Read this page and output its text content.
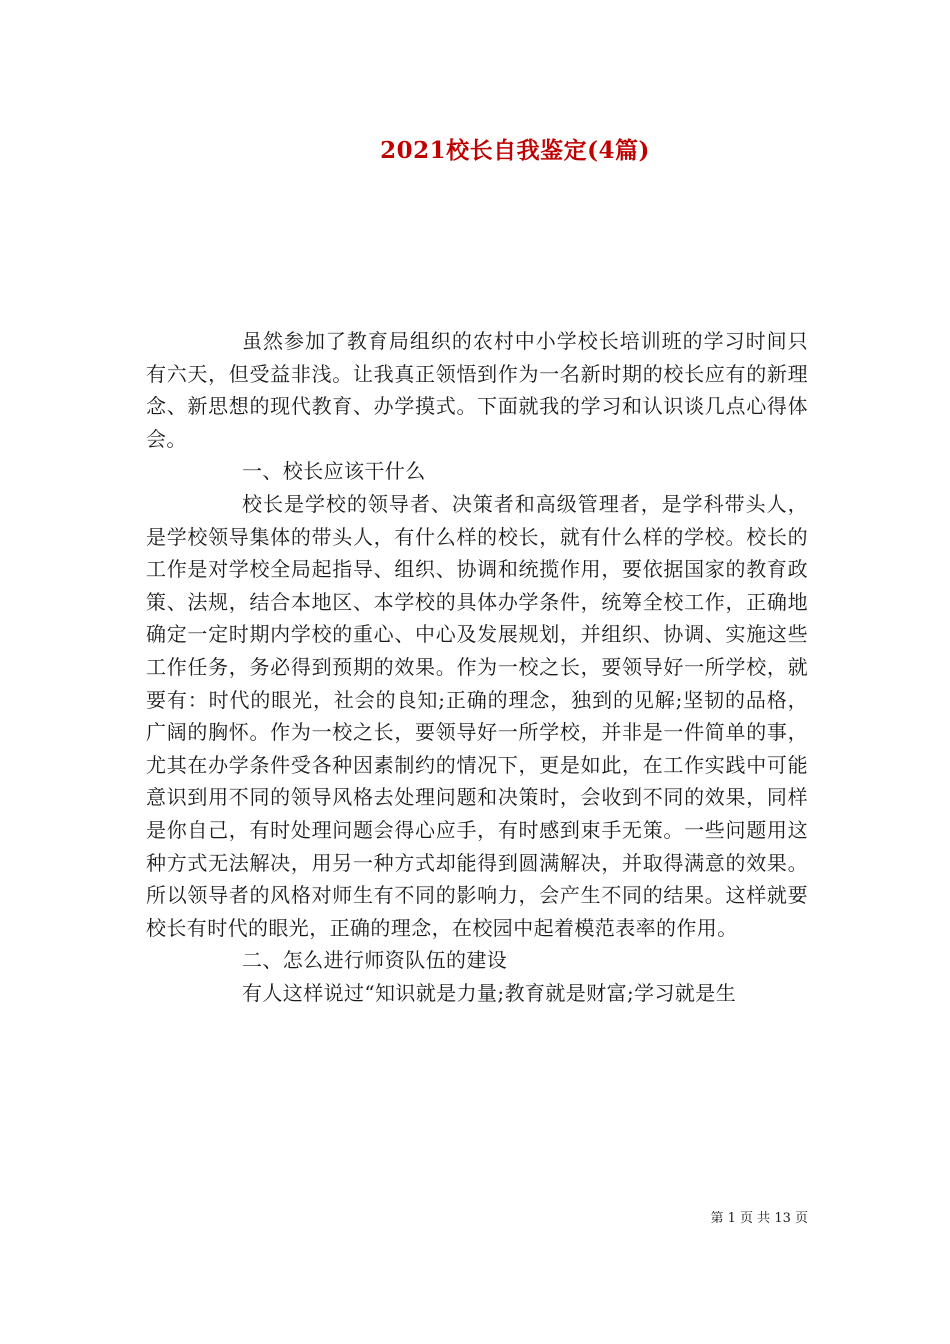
2021校长自我鉴定(4篇)

虽然参加了教育局组织的农村中小学校长培训班的学习时间只有六天，但受益非浅。让我真正领悟到作为一名新时期的校长应有的新理念、新思想的现代教育、办学摸式。下面就我的学习和认识谈几点心得体会。

一、校长应该干什么

校长是学校的领导者、决策者和高级管理者，是学科带头人，是学校领导集体的带头人，有什么样的校长，就有什么样的学校。校长的工作是对学校全局起指导、组织、协调和统揽作用，要依据国家的教育政策、法规，结合本地区、本学校的具体办学条件，统筹全校工作，正确地确定一定时期内学校的重心、中心及发展规划，并组织、协调、实施这些工作任务，务必得到预期的效果。作为一校之长，要领导好一所学校，就要有：时代的眼光，社会的良知;正确的理念，独到的见解;坚韧的品格，广阔的胸怀。作为一校之长，要领导好一所学校，并非是一件简单的事，尤其在办学条件受各种因素制约的情况下，更是如此，在工作实践中可能意识到用不同的领导风格去处理问题和决策时，会收到不同的效果，同样是你自己，有时处理问题会得心应手，有时感到束手无策。一些问题用这种方式无法解决，用另一种方式却能得到圆满解决，并取得满意的效果。所以领导者的风格对师生有不同的影响力，会产生不同的结果。这样就要校长有时代的眼光，正确的理念，在校园中起着模范表率的作用。

二、怎么进行师资队伍的建设

有人这样说过“知识就是力量;教育就是财富;学习就是生

第 1 页 共 13 页
